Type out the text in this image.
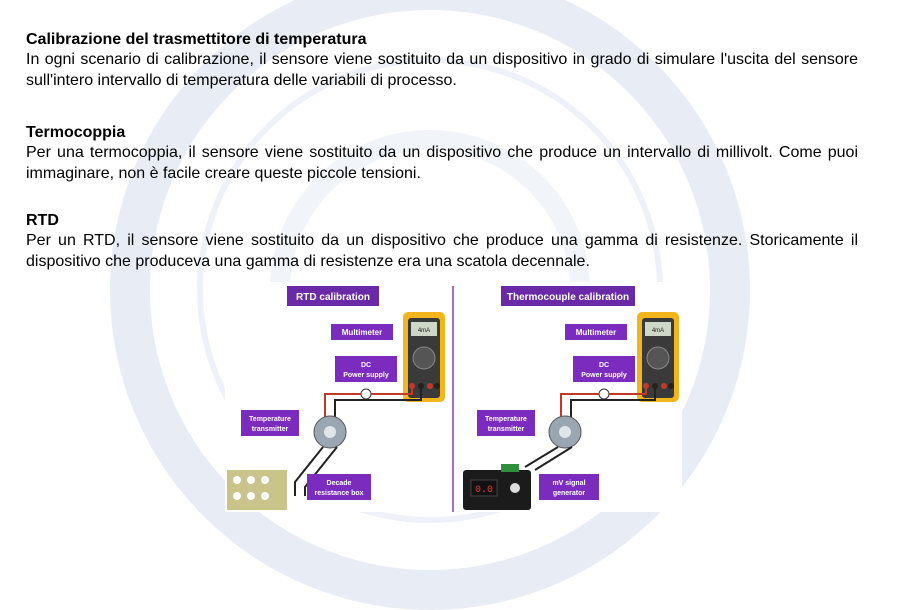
Calibrazione del trasmettitore di temperatura

In ogni scenario di calibrazione, il sensore viene sostituito da un dispositivo in grado di simulare l'uscita del sensore sull'intero intervallo di temperatura delle variabili di processo.

Termocoppia

Per una termocoppia, il sensore viene sostituito da un dispositivo che produce un intervallo di millivolt. Come puoi immaginare, non è facile creare queste piccole tensioni.

RTD

Per un RTD, il sensore viene sostituito da un dispositivo che produce una gamma di resistenze. Storicamente il dispositivo che produceva una gamma di resistenze era una scatola decennale.

RTD calibration
4mA
Multimeter
DC
Power supply
Temperature
transmitter
Decade
resistance box
Thermocouple calibration
4mA
Multimeter
DC
Power supply
Temperature
transmitter
0.0
mV signal
generator
